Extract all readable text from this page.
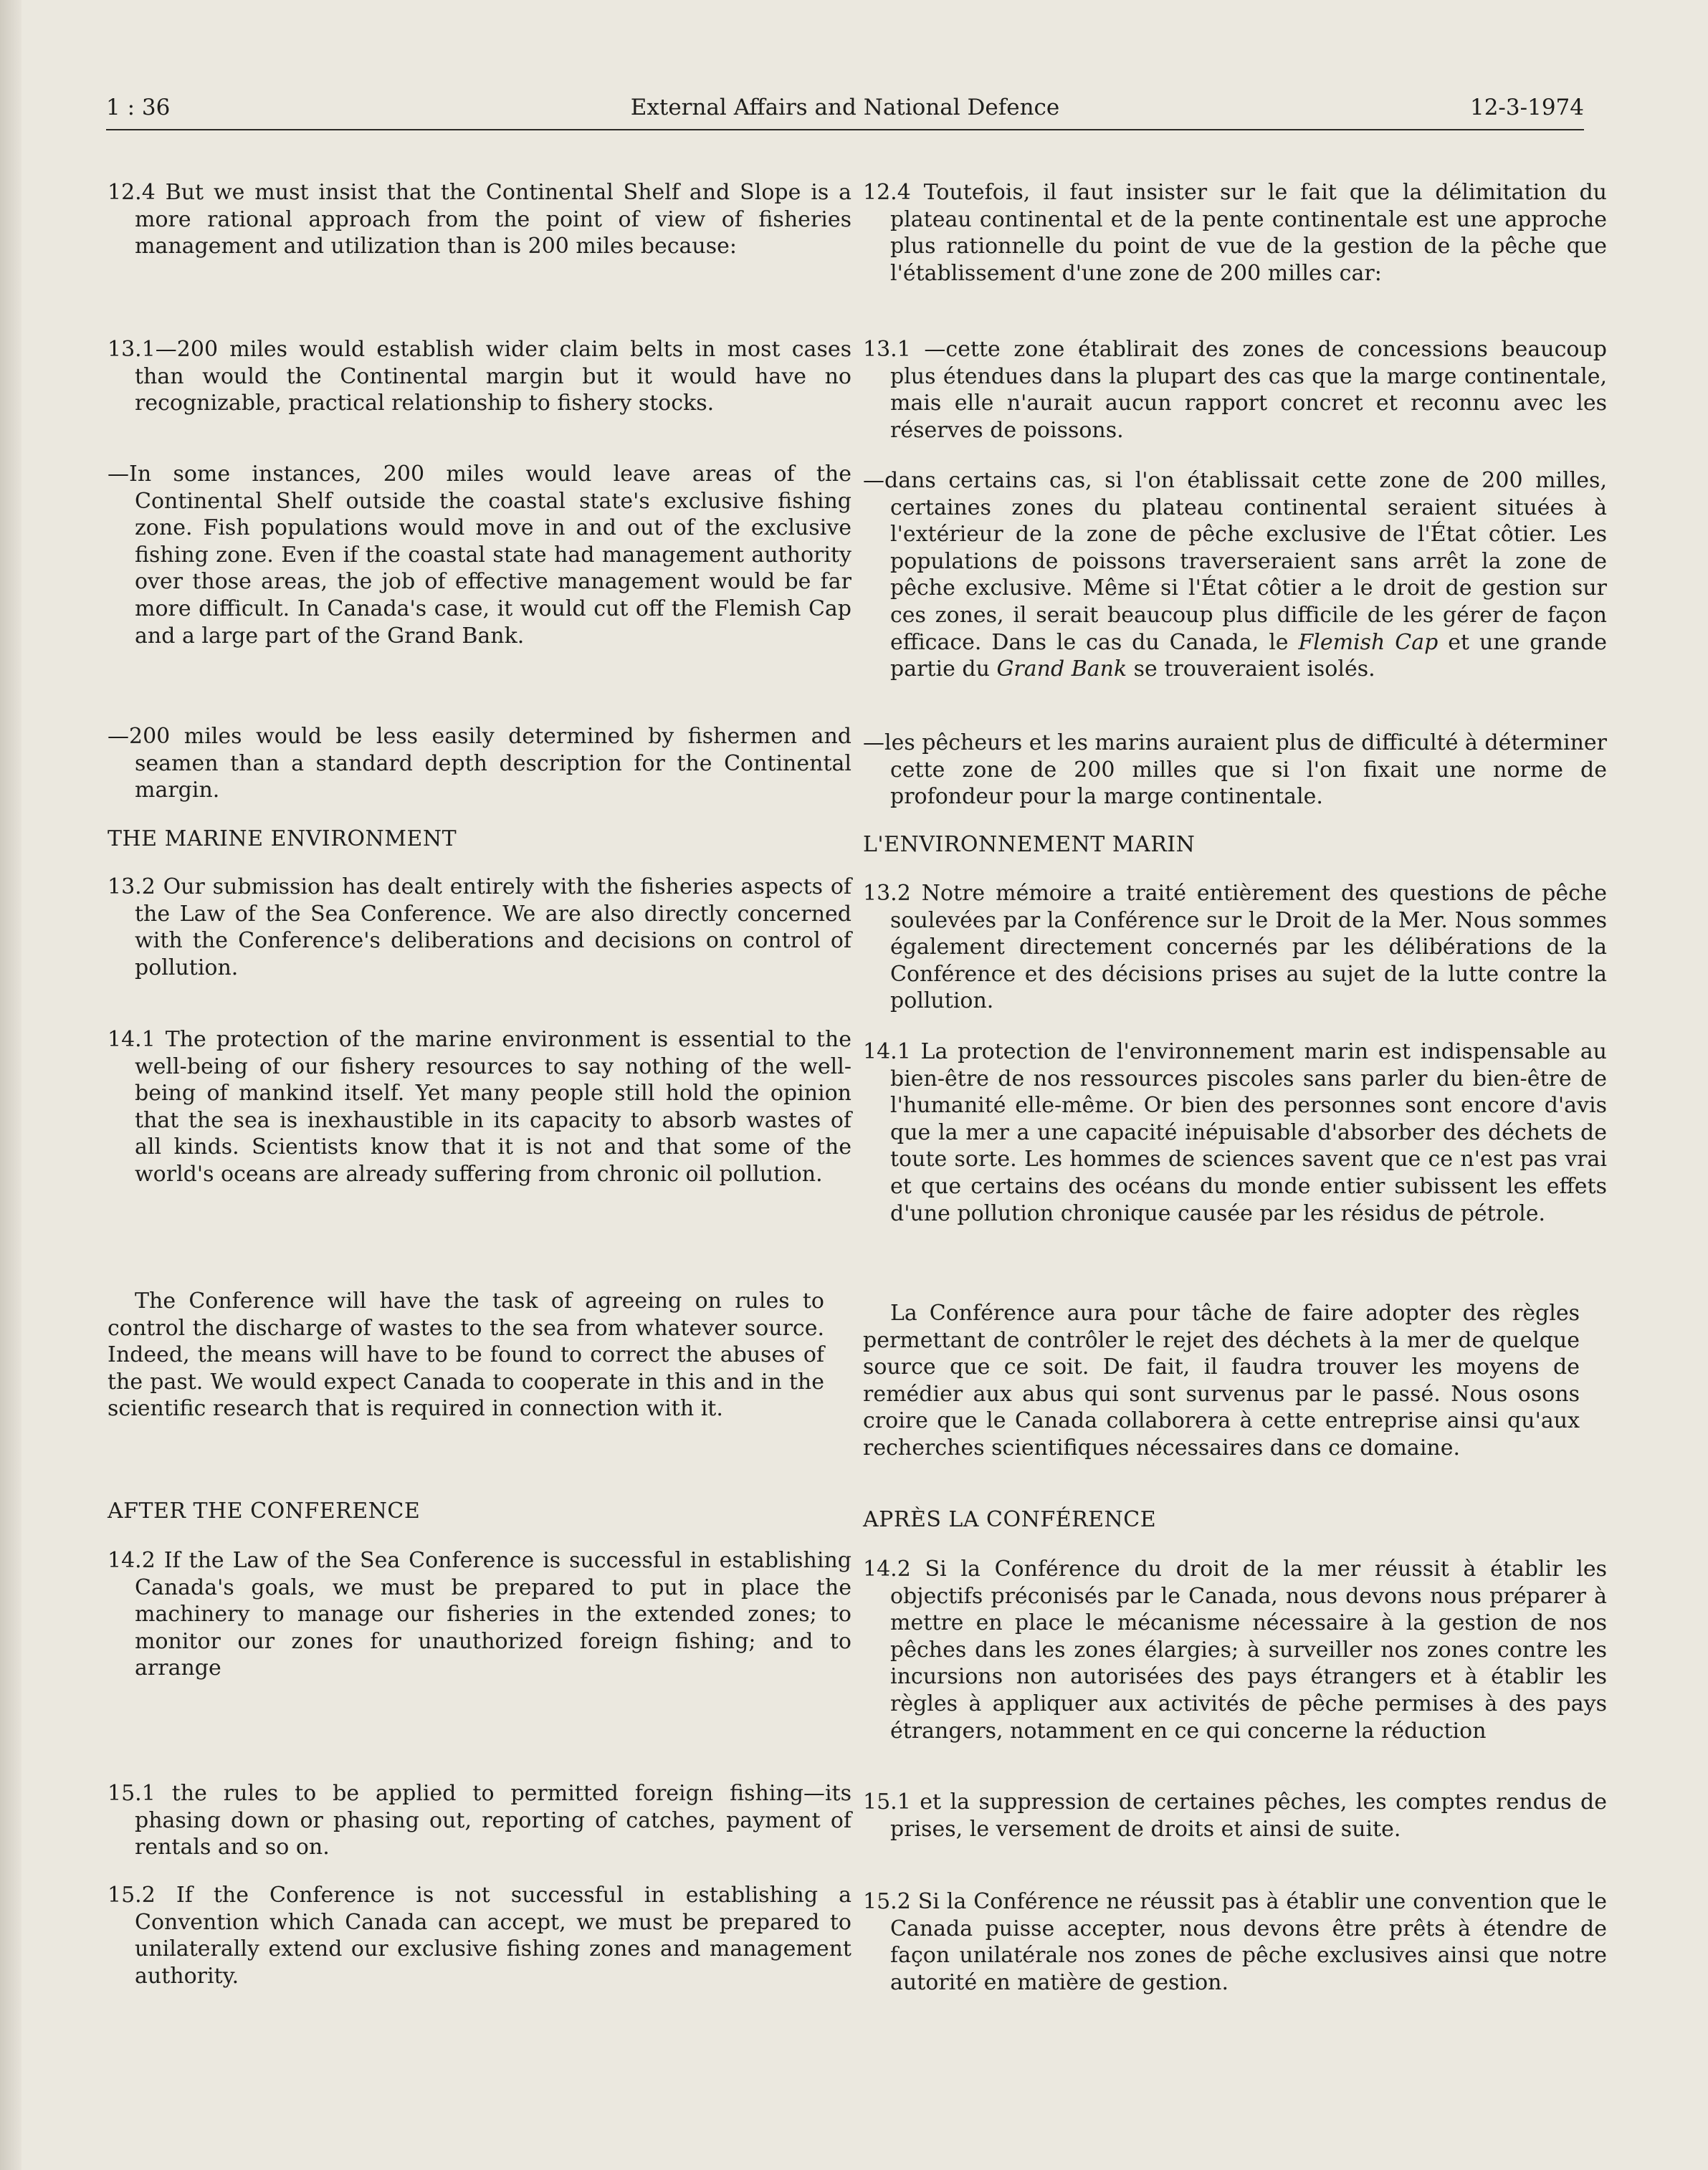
1 : 36	External Affairs and National Defence	12-3-1974

12.4 But we must insist that the Continental Shelf and Slope is a more rational approach from the point of view of fisheries management and utilization than is 200 miles because:

13.1—200 miles would establish wider claim belts in most cases than would the Continental margin but it would have no recognizable, practical relationship to fishery stocks.

—In some instances, 200 miles would leave areas of the Continental Shelf outside the coastal state's exclusive fishing zone. Fish populations would move in and out of the exclusive fishing zone. Even if the coastal state had management authority over those areas, the job of effective management would be far more difficult. In Canada's case, it would cut off the Flemish Cap and a large part of the Grand Bank.

—200 miles would be less easily determined by fishermen and seamen than a standard depth description for the Continental margin.

THE MARINE ENVIRONMENT

13.2 Our submission has dealt entirely with the fisheries aspects of the Law of the Sea Conference. We are also directly concerned with the Conference's deliberations and decisions on control of pollution.

14.1 The protection of the marine environment is essential to the well-being of our fishery resources to say nothing of the well-being of mankind itself. Yet many people still hold the opinion that the sea is inexhaustible in its capacity to absorb wastes of all kinds. Scientists know that it is not and that some of the world's oceans are already suffering from chronic oil pollution.

The Conference will have the task of agreeing on rules to control the discharge of wastes to the sea from whatever source. Indeed, the means will have to be found to correct the abuses of the past. We would expect Canada to cooperate in this and in the scientific research that is required in connection with it.

AFTER THE CONFERENCE

14.2 If the Law of the Sea Conference is successful in establishing Canada's goals, we must be prepared to put in place the machinery to manage our fisheries in the extended zones; to monitor our zones for unauthorized foreign fishing; and to arrange

15.1 the rules to be applied to permitted foreign fishing—its phasing down or phasing out, reporting of catches, payment of rentals and so on.

15.2 If the Conference is not successful in establishing a Convention which Canada can accept, we must be prepared to unilaterally extend our exclusive fishing zones and management authority.

12.4 Toutefois, il faut insister sur le fait que la délimitation du plateau continental et de la pente continentale est une approche plus rationnelle du point de vue de la gestion de la pêche que l'établissement d'une zone de 200 milles car:

13.1 —cette zone établirait des zones de concessions beaucoup plus étendues dans la plupart des cas que la marge continentale, mais elle n'aurait aucun rapport concret et reconnu avec les réserves de poissons.

—dans certains cas, si l'on établissait cette zone de 200 milles, certaines zones du plateau continental seraient situées à l'extérieur de la zone de pêche exclusive de l'État côtier. Les populations de poissons traverseraient sans arrêt la zone de pêche exclusive. Même si l'État côtier a le droit de gestion sur ces zones, il serait beaucoup plus difficile de les gérer de façon efficace. Dans le cas du Canada, le Flemish Cap et une grande partie du Grand Bank se trouveraient isolés.

—les pêcheurs et les marins auraient plus de difficulté à déterminer cette zone de 200 milles que si l'on fixait une norme de profondeur pour la marge continentale.

L'ENVIRONNEMENT MARIN

13.2 Notre mémoire a traité entièrement des questions de pêche soulevées par la Conférence sur le Droit de la Mer. Nous sommes également directement concernés par les délibérations de la Conférence et des décisions prises au sujet de la lutte contre la pollution.

14.1 La protection de l'environnement marin est indispensable au bien-être de nos ressources piscoles sans parler du bien-être de l'humanité elle-même. Or bien des personnes sont encore d'avis que la mer a une capacité inépuisable d'absorber des déchets de toute sorte. Les hommes de sciences savent que ce n'est pas vrai et que certains des océans du monde entier subissent les effets d'une pollution chronique causée par les résidus de pétrole.

La Conférence aura pour tâche de faire adopter des règles permettant de contrôler le rejet des déchets à la mer de quelque source que ce soit. De fait, il faudra trouver les moyens de remédier aux abus qui sont survenus par le passé. Nous osons croire que le Canada collaborera à cette entreprise ainsi qu'aux recherches scientifiques nécessaires dans ce domaine.

APRÈS LA CONFÉRENCE

14.2 Si la Conférence du droit de la mer réussit à établir les objectifs préconisés par le Canada, nous devons nous préparer à mettre en place le mécanisme nécessaire à la gestion de nos pêches dans les zones élargies; à surveiller nos zones contre les incursions non autorisées des pays étrangers et à établir les règles à appliquer aux activités de pêche permises à des pays étrangers, notamment en ce qui concerne la réduction

15.1 et la suppression de certaines pêches, les comptes rendus de prises, le versement de droits et ainsi de suite.

15.2 Si la Conférence ne réussit pas à établir une convention que le Canada puisse accepter, nous devons être prêts à étendre de façon unilatérale nos zones de pêche exclusives ainsi que notre autorité en matière de gestion.
